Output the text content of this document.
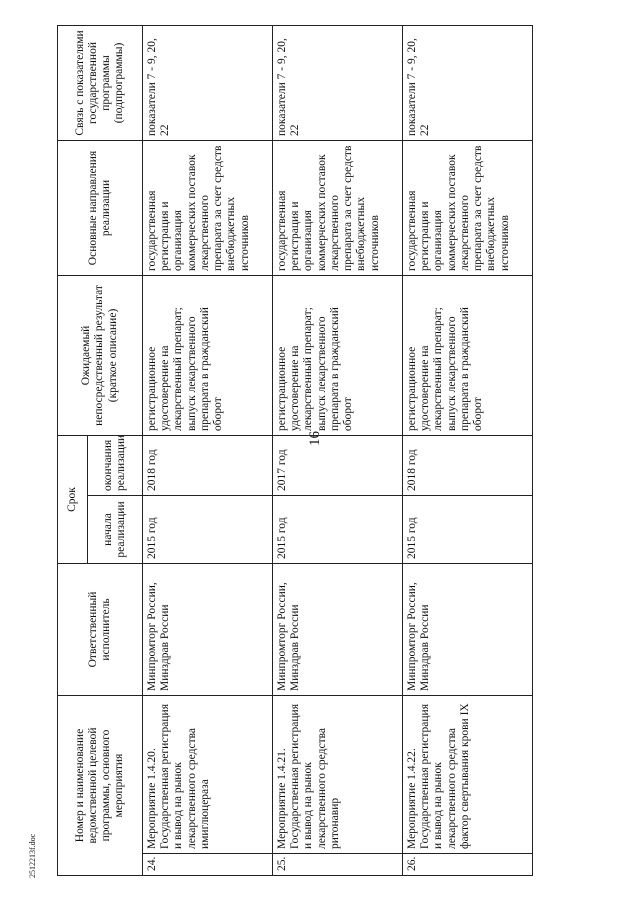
16
Номер и наименование ведомственной целевой программы, основного мероприятия		Ответственный исполнитель	Срок		Ожидаемый непосредственный результат (краткое описание)	Основные направления реализации	Связь с показателями государственной программы (подпрограммы)
			начала реализации	окончания реализации			
24.	Мероприятие 1.4.20. Государственная регистрация и вывод на рынок лекарственного средства имиглюцераза	Минпромторг России, Минздрав России	2015 год	2018 год	регистрационное удостоверение на лекарственный препарат; выпуск лекарственного препарата в гражданский оборот	государственная регистрация и организация коммерческих поставок лекарственного препарата за счет средств внебюджетных источников	показатели 7 - 9, 20, 22
25.	Мероприятие 1.4.21. Государственная регистрация и вывод на рынок лекарственного средства ритонавир	Минпромторг России, Минздрав России	2015 год	2017 год	регистрационное удостоверение на лекарственный препарат; выпуск лекарственного препарата в гражданский оборот	государственная регистрация и организация коммерческих поставок лекарственного препарата за счет средств внебюджетных источников	показатели 7 - 9, 20, 22
26.	Мероприятие 1.4.22. Государственная регистрация и вывод на рынок лекарственного средства фактор свертывания крови IX	Минпромторг России, Минздрав России	2015 год	2018 год	регистрационное удостоверение на лекарственный препарат; выпуск лекарственного препарата в гражданский оборот	государственная регистрация и организация коммерческих поставок лекарственного препарата за счет средств внебюджетных источников	показатели 7 - 9, 20, 22
2512213f.doc
